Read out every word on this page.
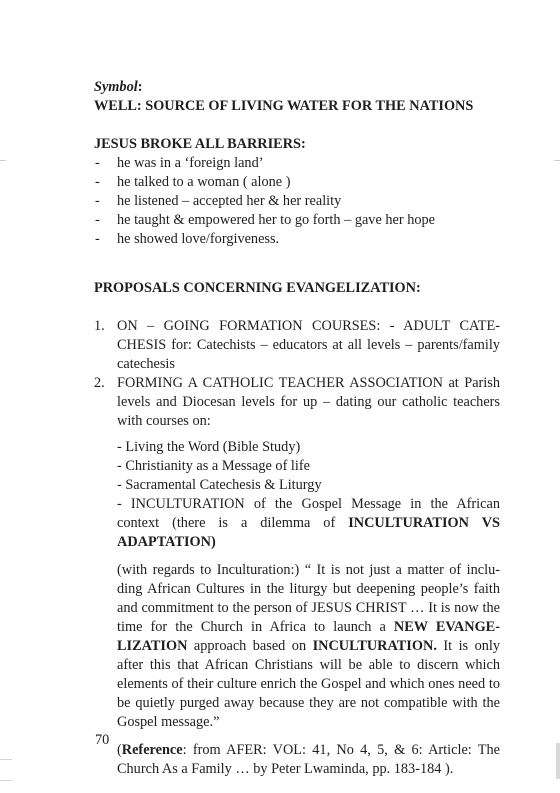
Symbol:
WELL: SOURCE OF LIVING WATER FOR THE NATIONS
JESUS BROKE ALL BARRIERS:
- he was in a ‘foreign land’
- he talked to a woman ( alone )
- he listened – accepted her & her reality
- he taught & empowered her to go forth – gave her hope
- he showed love/forgiveness.
PROPOSALS CONCERNING EVANGELIZATION:
1. ON – GOING FORMATION COURSES: - ADULT CATE-CHESIS for: Catechists – educators at all levels – parents/family catechesis
2. FORMING A CATHOLIC TEACHER ASSOCIATION at Parish levels and Diocesan levels for up – dating our catholic teachers with courses on:
- Living the Word (Bible Study)
- Christianity as a Message of life
- Sacramental Catechesis & Liturgy
- INCULTURATION of the Gospel Message in the African context (there is a dilemma of INCULTURATION VS ADAPTATION)
(with regards to Inculturation:) “ It is not just a matter of inclu-ding African Cultures in the liturgy but deepening people’s faith and commitment to the person of JESUS CHRIST … It is now the time for the Church in Africa to launch a NEW EVANGE-LIZATION approach based on INCULTURATION. It is only after this that African Christians will be able to discern which elements of their culture enrich the Gospel and which ones need to be quietly purged away because they are not compatible with the Gospel message.”
(Reference: from AFER: VOL: 41, No 4, 5, & 6: Article: The Church As a Family … by Peter Lwaminda, pp. 183-184 ).
70
